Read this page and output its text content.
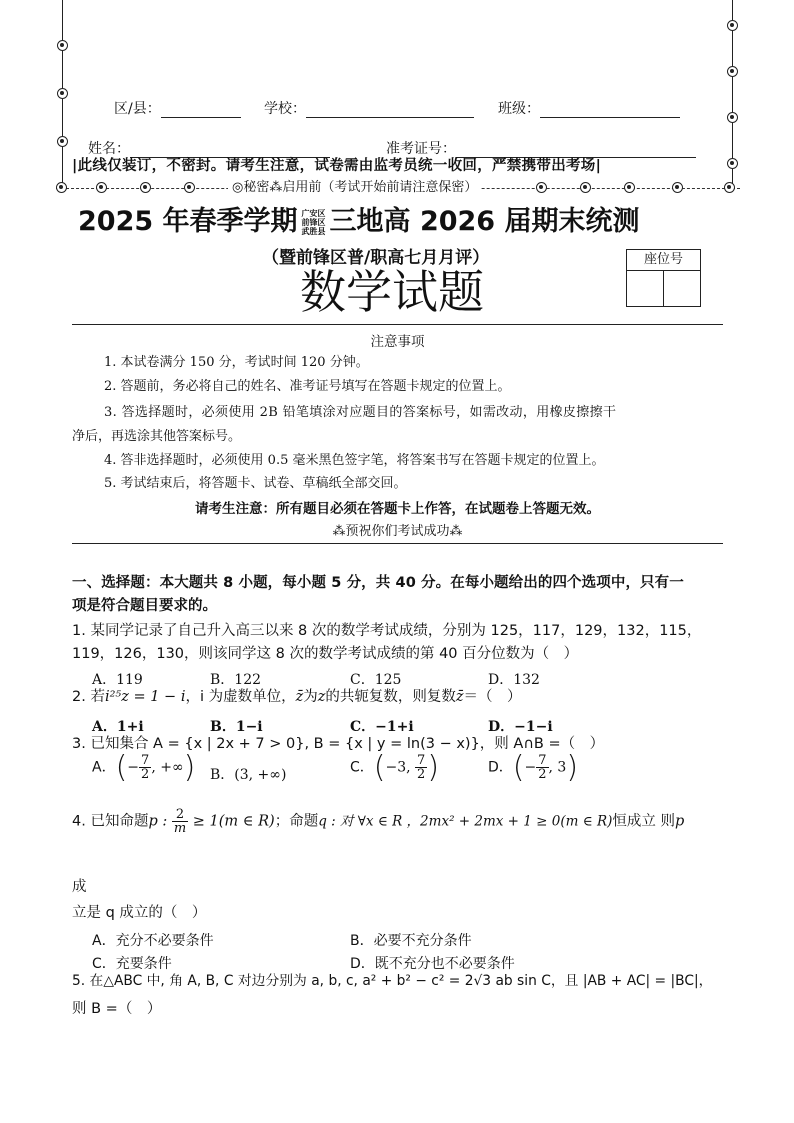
区/县：	学校：	班级：
姓名：	准考证号：
|此线仅装订，不密封。请考生注意，试卷需由监考员统一收回，严禁携带出考场|
◎秘密⁂启用前（考试开始前请注意保密）
2025 年春季学期 广安区
前锋区
武胜县 三地高 2026 届期末统测
（暨前锋区普/职高七月月评）
数学试题
座位号
注意事项
1. 本试卷满分 150 分，考试时间 120 分钟。
2. 答题前，务必将自己的姓名、准考证号填写在答题卡规定的位置上。
3. 答选择题时，必须使用 2B 铅笔填涂对应题目的答案标号，如需改动，用橡皮擦擦干
净后，再选涂其他答案标号。
4. 答非选择题时，必须使用 0.5 毫米黑色签字笔，将答案书写在答题卡规定的位置上。
5. 考试结束后，将答题卡、试卷、草稿纸全部交回。
请考生注意：所有题目必须在答题卡上作答，在试题卷上答题无效。
⁂预祝你们考试成功⁂
一、选择题：本大题共 8 小题，每小题 5 分，共 40 分。在每小题给出的四个选项中，只有一
项是符合题目要求的。
1. 某同学记录了自己升入高三以来 8 次的数学考试成绩，分别为 125，117，129，132，115，
119，126，130，则该同学这 8 次的数学考试成绩的第 40 百分位数为（　）
A．119	B．122	C．125	D．132
2. 若i²⁵z = 1 − i，i 为虚数单位，z̄为z的共轭复数，则复数z̄＝（　）
A．1+i	B．1−i	C．−1+i	D．−1−i
3. 已知集合 A = {x | 2x + 7 > 0}, B = {x | y = ln(3 − x)}，则 A∩B =（　）
A．(− $\frac{7}{2}$ , +∞) B．(3, +∞)	C．(−3, $\frac{7}{2}$ )	D．(− $\frac{7}{2}$ , 3)
4. 已知命题p : $\frac{2}{m} \ge 1(m$ ∈ R)；命题q : 对 ∀x ∈ R ，2mx² + 2mx + 1 ≥ 0(m ∈ R)恒成立 则p
成
立是 q 成立的（　）
A．充分不必要条件	B．必要不充分条件
C．充要条件	D．既不充分也不必要条件
5. 在△ABC 中, 角 A, B, C 对边分别为 a, b, c, a² + b² − c² = 2√3 ab sin C，且 |AB + AC| = |BC|，
则 B =（　）
